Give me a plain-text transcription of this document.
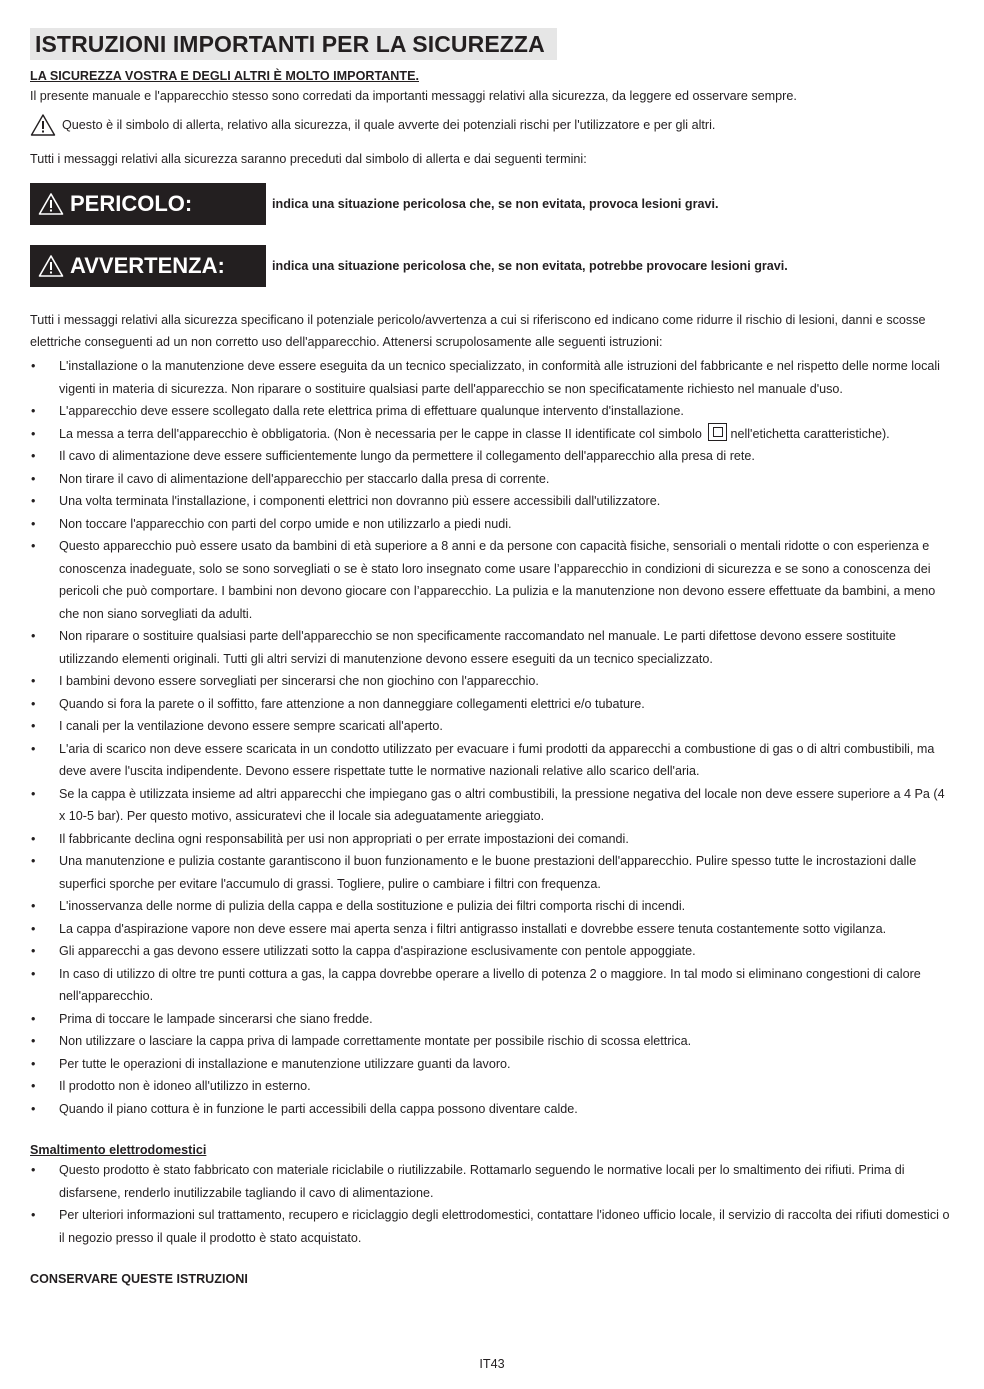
ISTRUZIONI IMPORTANTI PER LA SICUREZZA
LA SICUREZZA VOSTRA E DEGLI ALTRI È MOLTO IMPORTANTE.

Il presente manuale e l'apparecchio stesso sono corredati da importanti messaggi relativi alla sicurezza, da leggere ed osservare sempre.

Questo è il simbolo di allerta, relativo alla sicurezza, il quale avverte dei potenziali rischi per l'utilizzatore e per gli altri.

Tutti i messaggi relativi alla sicurezza saranno preceduti dal simbolo di allerta e dai seguenti termini:

PERICOLO:	indica una situazione pericolosa che, se non evitata, provoca lesioni gravi.
AVVERTENZA:	indica una situazione pericolosa che, se non evitata, potrebbe provocare lesioni gravi.

Tutti i messaggi relativi alla sicurezza specificano il potenziale pericolo/avvertenza a cui si riferiscono ed indicano come ridurre il rischio di lesioni, danni e scosse elettriche conseguenti ad un non corretto uso dell'apparecchio. Attenersi scrupolosamente alle seguenti istruzioni:

• L'installazione o la manutenzione deve essere eseguita da un tecnico specializzato, in conformità alle istruzioni del fabbricante e nel rispetto delle norme locali vigenti in materia di sicurezza. Non riparare o sostituire qualsiasi parte dell'apparecchio se non specificatamente richiesto nel manuale d'uso.
• L'apparecchio deve essere scollegato dalla rete elettrica prima di effettuare qualunque intervento d'installazione.
• La messa a terra dell'apparecchio è obbligatoria. (Non è necessaria per le cappe in classe II identificate col simbolo nell'etichetta caratteristiche).
• Il cavo di alimentazione deve essere sufficientemente lungo da permettere il collegamento dell'apparecchio alla presa di rete.
• Non tirare il cavo di alimentazione dell'apparecchio per staccarlo dalla presa di corrente.
• Una volta terminata l'installazione, i componenti elettrici non dovranno più essere accessibili dall'utilizzatore.
• Non toccare l'apparecchio con parti del corpo umide e non utilizzarlo a piedi nudi.
• Questo apparecchio può essere usato da bambini di età superiore a 8 anni e da persone con capacità fisiche, sensoriali o mentali ridotte o con esperienza e conoscenza inadeguate, solo se sono sorvegliati o se è stato loro insegnato come usare l’apparecchio in condizioni di sicurezza e se sono a conoscenza dei pericoli che può comportare. I bambini non devono giocare con l’apparecchio. La pulizia e la manutenzione non devono essere effettuate da bambini, a meno che non siano sorvegliati da adulti.
• Non riparare o sostituire qualsiasi parte dell'apparecchio se non specificamente raccomandato nel manuale. Le parti difettose devono essere sostituite utilizzando elementi originali. Tutti gli altri servizi di manutenzione devono essere eseguiti da un tecnico specializzato.
• I bambini devono essere sorvegliati per sincerarsi che non giochino con l'apparecchio.
• Quando si fora la parete o il soffitto, fare attenzione a non danneggiare collegamenti elettrici e/o tubature.
• I canali per la ventilazione devono essere sempre scaricati all'aperto.
• L'aria di scarico non deve essere scaricata in un condotto utilizzato per evacuare i fumi prodotti da apparecchi a combustione di gas o di altri combustibili, ma deve avere l'uscita indipendente. Devono essere rispettate tutte le normative nazionali relative allo scarico dell'aria.
• Se la cappa è utilizzata insieme ad altri apparecchi che impiegano gas o altri combustibili, la pressione negativa del locale non deve essere superiore a 4 Pa (4 x 10-5 bar). Per questo motivo, assicuratevi che il locale sia adeguatamente arieggiato.
• Il fabbricante declina ogni responsabilità per usi non appropriati o per errate impostazioni dei comandi.
• Una manutenzione e pulizia costante garantiscono il buon funzionamento e le buone prestazioni dell'apparecchio. Pulire spesso tutte le incrostazioni dalle superfici sporche per evitare l'accumulo di grassi. Togliere, pulire o cambiare i filtri con frequenza.
• L'inosservanza delle norme di pulizia della cappa e della sostituzione e pulizia dei filtri comporta rischi di incendi.
• La cappa d'aspirazione vapore non deve essere mai aperta senza i filtri antigrasso installati e dovrebbe essere tenuta costantemente sotto vigilanza.
• Gli apparecchi a gas devono essere utilizzati sotto la cappa d'aspirazione esclusivamente con pentole appoggiate.
• In caso di utilizzo di oltre tre punti cottura a gas, la cappa dovrebbe operare a livello di potenza 2 o maggiore. In tal modo si eliminano congestioni di calore nell'apparecchio.
• Prima di toccare le lampade sincerarsi che siano fredde.
• Non utilizzare o lasciare la cappa priva di lampade correttamente montate per possibile rischio di scossa elettrica.
• Per tutte le operazioni di installazione e manutenzione utilizzare guanti da lavoro.
• Il prodotto non è idoneo all'utilizzo in esterno.
• Quando il piano cottura è in funzione le parti accessibili della cappa possono diventare calde.
Smaltimento elettrodomestici
• Questo prodotto è stato fabbricato con materiale riciclabile o riutilizzabile. Rottamarlo seguendo le normative locali per lo smaltimento dei rifiuti. Prima di disfarsene, renderlo inutilizzabile tagliando il cavo di alimentazione.
• Per ulteriori informazioni sul trattamento, recupero e riciclaggio degli elettrodomestici, contattare l'idoneo ufficio locale, il servizio di raccolta dei rifiuti domestici o il negozio presso il quale il prodotto è stato acquistato.
CONSERVARE QUESTE ISTRUZIONI
IT43
